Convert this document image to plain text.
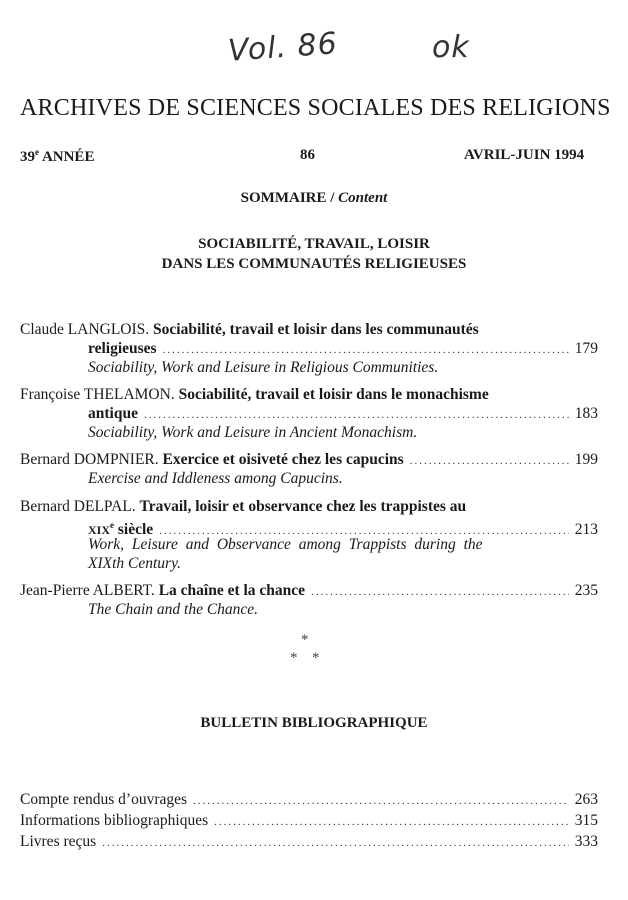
Vol. 86	ok
ARCHIVES DE SCIENCES SOCIALES DES RELIGIONS
39e ANNÉE	86	AVRIL-JUIN 1994
SOMMAIRE / Content
SOCIABILITÉ, TRAVAIL, LOISIR
DANS LES COMMUNAUTÉS RELIGIEUSES
Claude LANGLOIS. Sociabilité, travail et loisir dans les communautés
religieuses .....	179
Sociability, Work and Leisure in Religious Communities.
Françoise THELAMON. Sociabilité, travail et loisir dans le monachisme
antique .....	183
Sociability, Work and Leisure in Ancient Monachism.
Bernard DOMPNIER. Exercice et oisiveté chez les capucins .....	199
Exercise and Iddleness among Capucins.
Bernard DELPAL. Travail, loisir et observance chez les trappistes au
XIXe siècle .....	213
Work, Leisure and Observance among Trappists during the
XIXth Century.
Jean-Pierre ALBERT. La chaîne et la chance .....	235
The Chain and the Chance.
*
* *
BULLETIN BIBLIOGRAPHIQUE
Compte rendus d’ouvrages .....	263
Informations bibliographiques .....	315
Livres reçus .....	333
